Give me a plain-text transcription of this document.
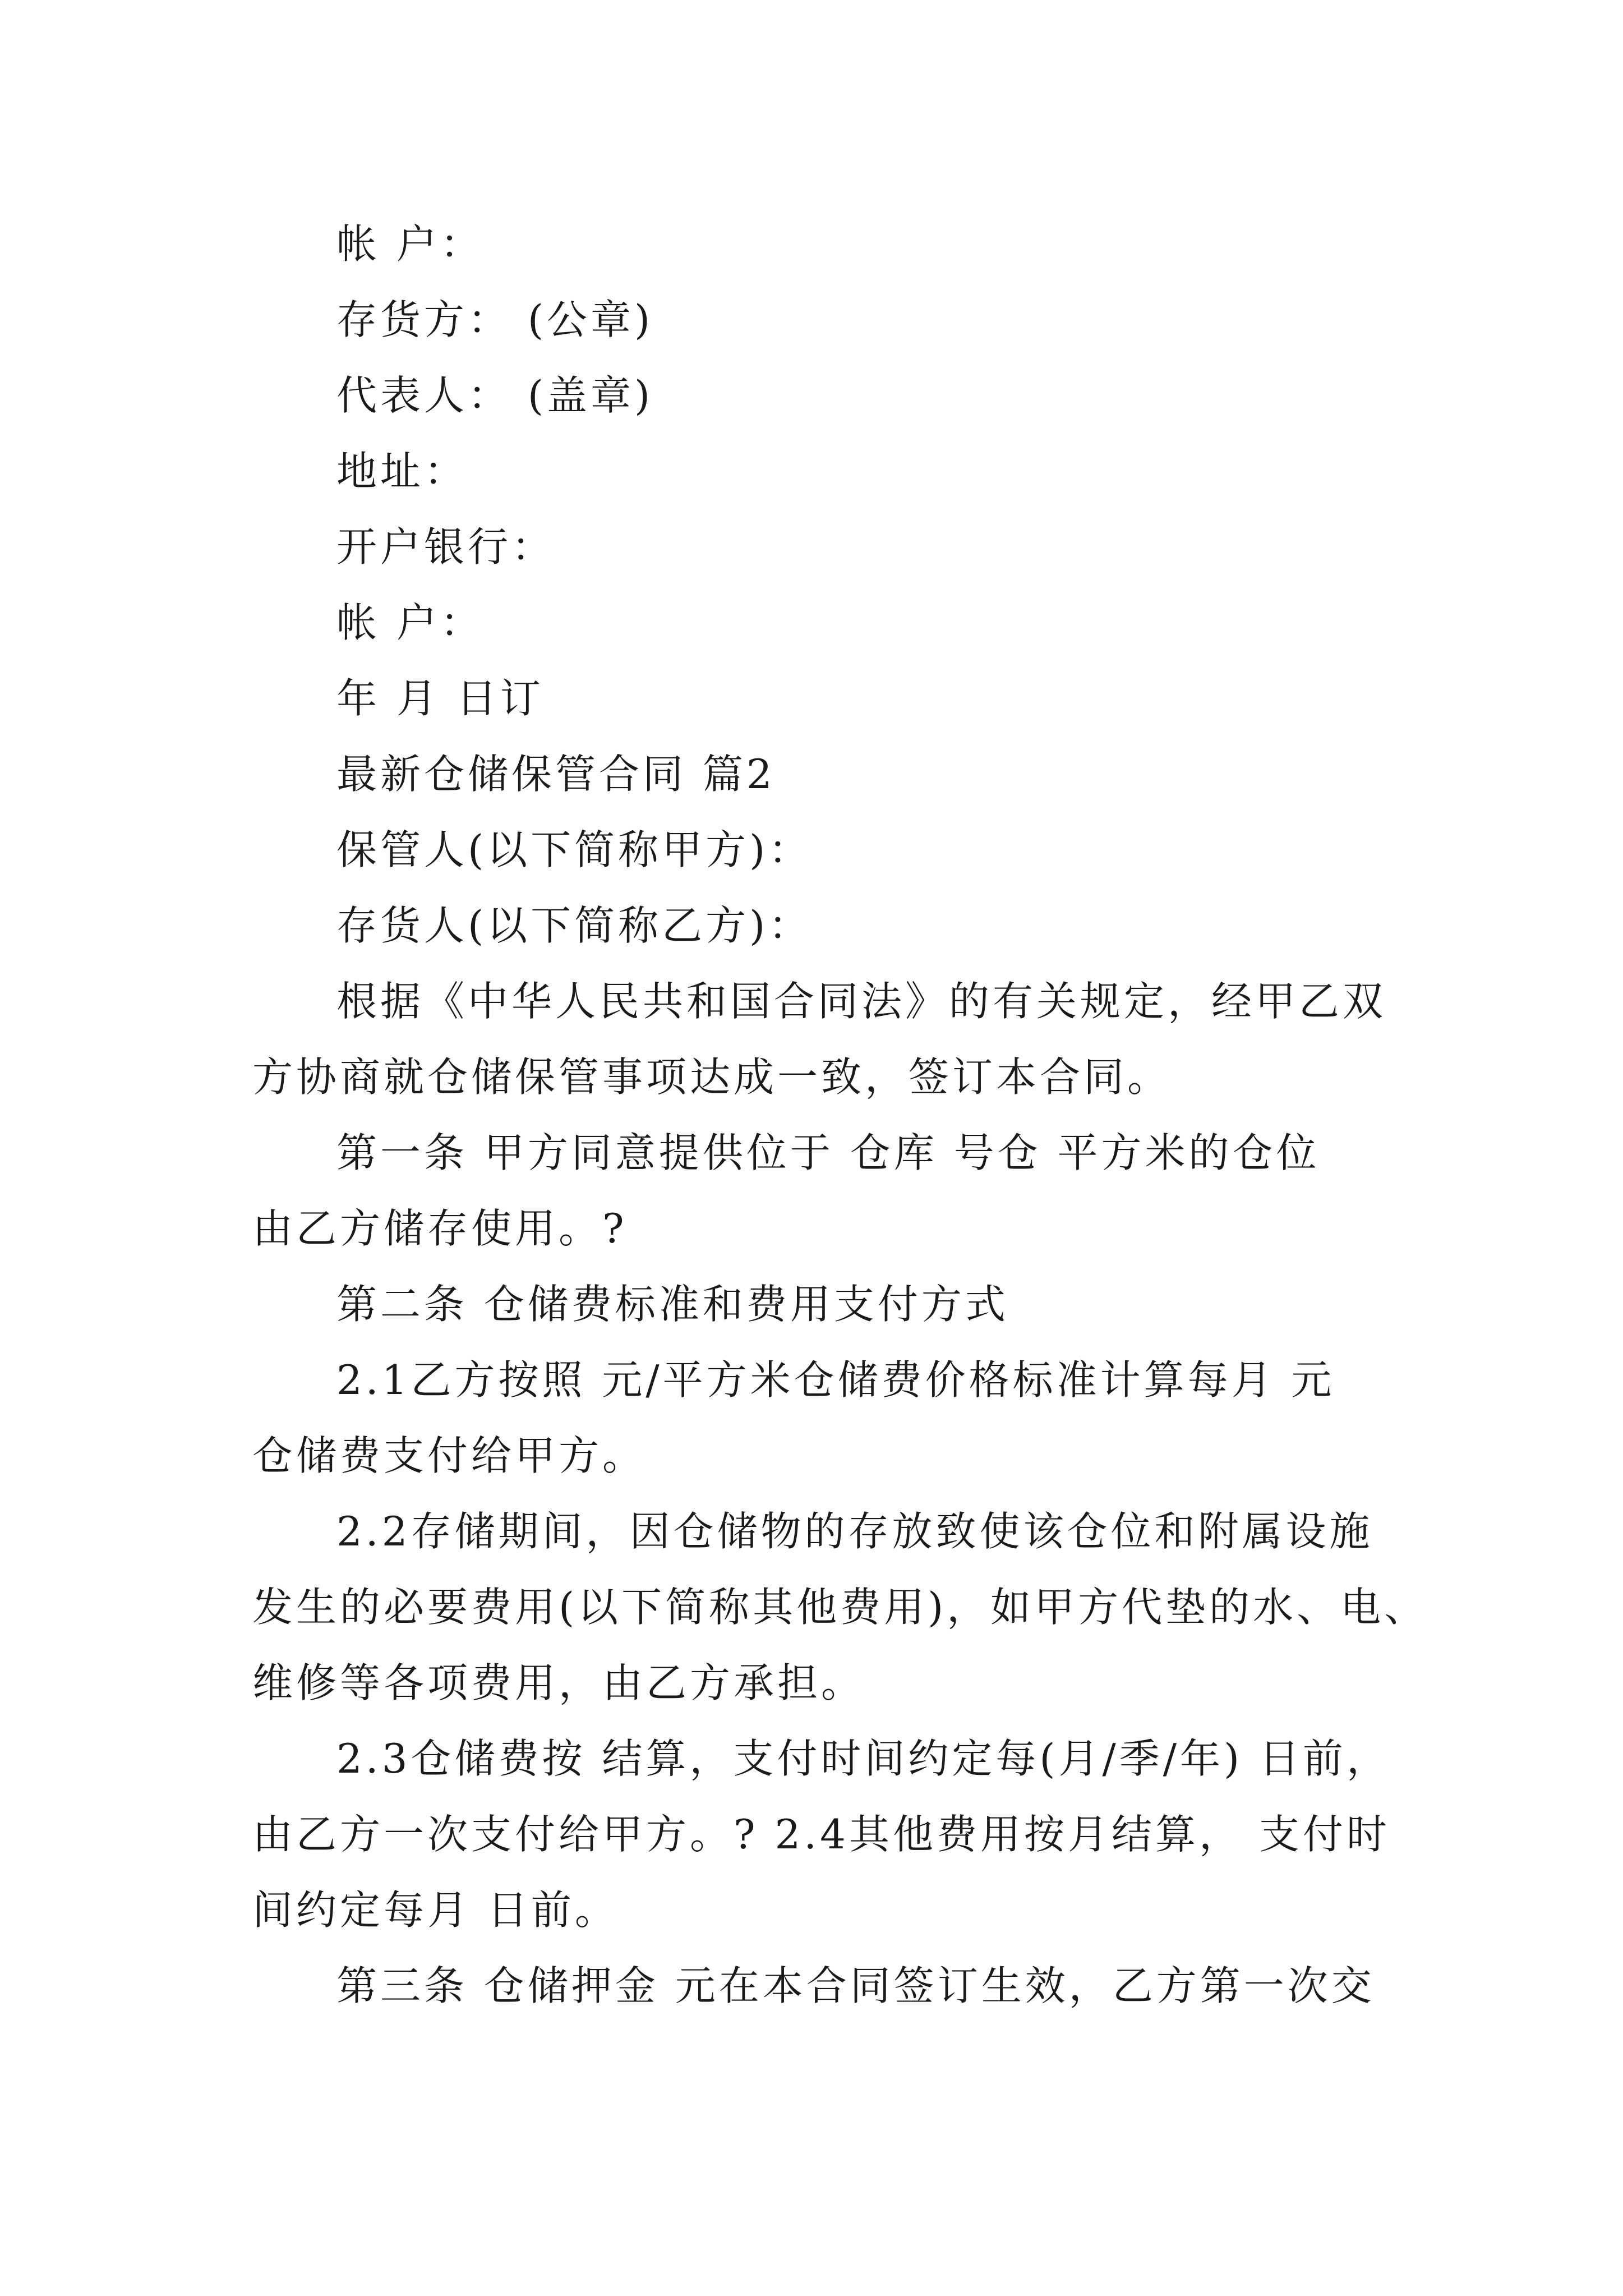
帐 户：
存货方： (公章)
代表人： (盖章)
地址：
开户银行：
帐 户：
年 月 日订
最新仓储保管合同 篇2
保管人(以下简称甲方)：
存货人(以下简称乙方)：
根据《中华人民共和国合同法》的有关规定，经甲乙双
方协商就仓储保管事项达成一致，签订本合同。
第一条 甲方同意提供位于 仓库 号仓 平方米的仓位
由乙方储存使用。?
第二条 仓储费标准和费用支付方式
2.1乙方按照 元/平方米仓储费价格标准计算每月 元
仓储费支付给甲方。
2.2存储期间，因仓储物的存放致使该仓位和附属设施
发生的必要费用(以下简称其他费用)，如甲方代垫的水、电、
维修等各项费用，由乙方承担。
2.3仓储费按 结算，支付时间约定每(月/季/年) 日前，
由乙方一次支付给甲方。? 2.4其他费用按月结算， 支付时
间约定每月 日前。
第三条 仓储押金 元在本合同签订生效，乙方第一次交
